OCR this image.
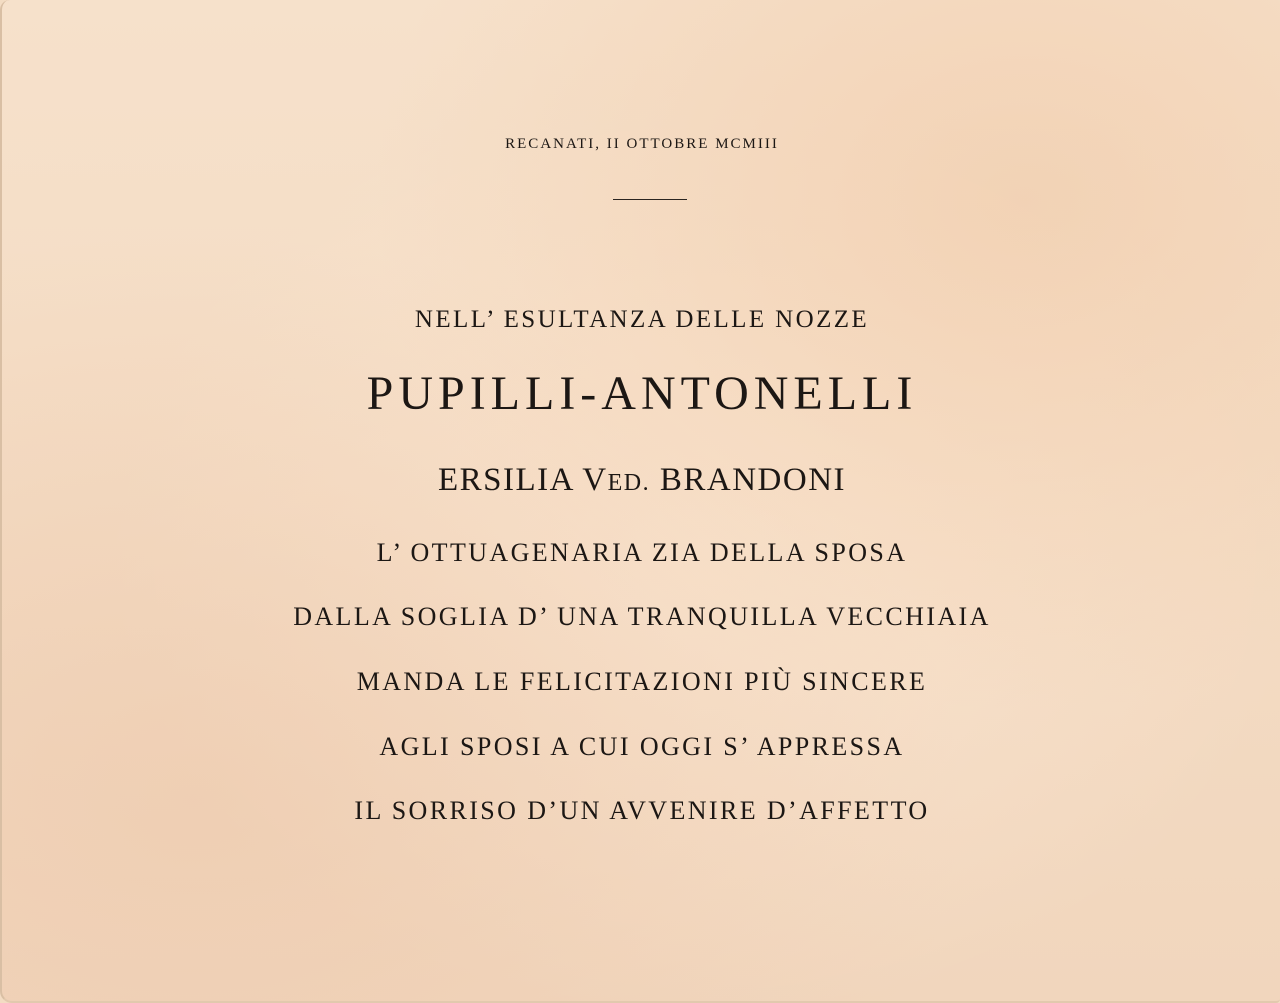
RECANATI, II OTTOBRE MCMIII
NELL’ ESULTANZA DELLE NOZZE
PUPILLI-ANTONELLI
ERSILIA VED. BRANDONI
L’ OTTUAGENARIA ZIA DELLA SPOSA
DALLA SOGLIA D’ UNA TRANQUILLA VECCHIAIA
MANDA LE FELICITAZIONI PIÙ SINCERE
AGLI SPOSI A CUI OGGI S’ APPRESSA
IL SORRISO D’UN AVVENIRE D’AFFETTO
